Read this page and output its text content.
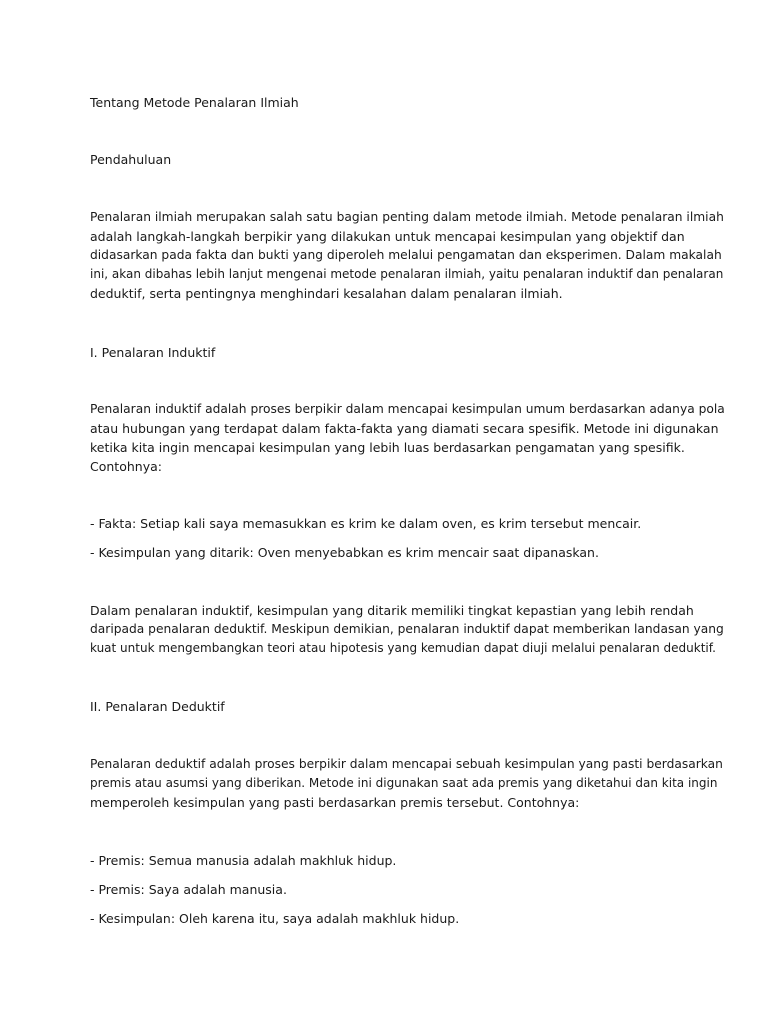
Tentang Metode Penalaran Ilmiah

Pendahuluan

Penalaran ilmiah merupakan salah satu bagian penting dalam metode ilmiah. Metode penalaran ilmiah

adalah langkah-langkah berpikir yang dilakukan untuk mencapai kesimpulan yang objektif dan

didasarkan pada fakta dan bukti yang diperoleh melalui pengamatan dan eksperimen. Dalam makalah

ini, akan dibahas lebih lanjut mengenai metode penalaran ilmiah, yaitu penalaran induktif dan penalaran

deduktif, serta pentingnya menghindari kesalahan dalam penalaran ilmiah.

I. Penalaran Induktif

Penalaran induktif adalah proses berpikir dalam mencapai kesimpulan umum berdasarkan adanya pola

atau hubungan yang terdapat dalam fakta-fakta yang diamati secara spesifik. Metode ini digunakan

ketika kita ingin mencapai kesimpulan yang lebih luas berdasarkan pengamatan yang spesifik.

Contohnya:

- Fakta: Setiap kali saya memasukkan es krim ke dalam oven, es krim tersebut mencair.

- Kesimpulan yang ditarik: Oven menyebabkan es krim mencair saat dipanaskan.

Dalam penalaran induktif, kesimpulan yang ditarik memiliki tingkat kepastian yang lebih rendah

daripada penalaran deduktif. Meskipun demikian, penalaran induktif dapat memberikan landasan yang

kuat untuk mengembangkan teori atau hipotesis yang kemudian dapat diuji melalui penalaran deduktif.

II. Penalaran Deduktif

Penalaran deduktif adalah proses berpikir dalam mencapai sebuah kesimpulan yang pasti berdasarkan

premis atau asumsi yang diberikan. Metode ini digunakan saat ada premis yang diketahui dan kita ingin

memperoleh kesimpulan yang pasti berdasarkan premis tersebut. Contohnya:

- Premis: Semua manusia adalah makhluk hidup.

- Premis: Saya adalah manusia.

- Kesimpulan: Oleh karena itu, saya adalah makhluk hidup.
